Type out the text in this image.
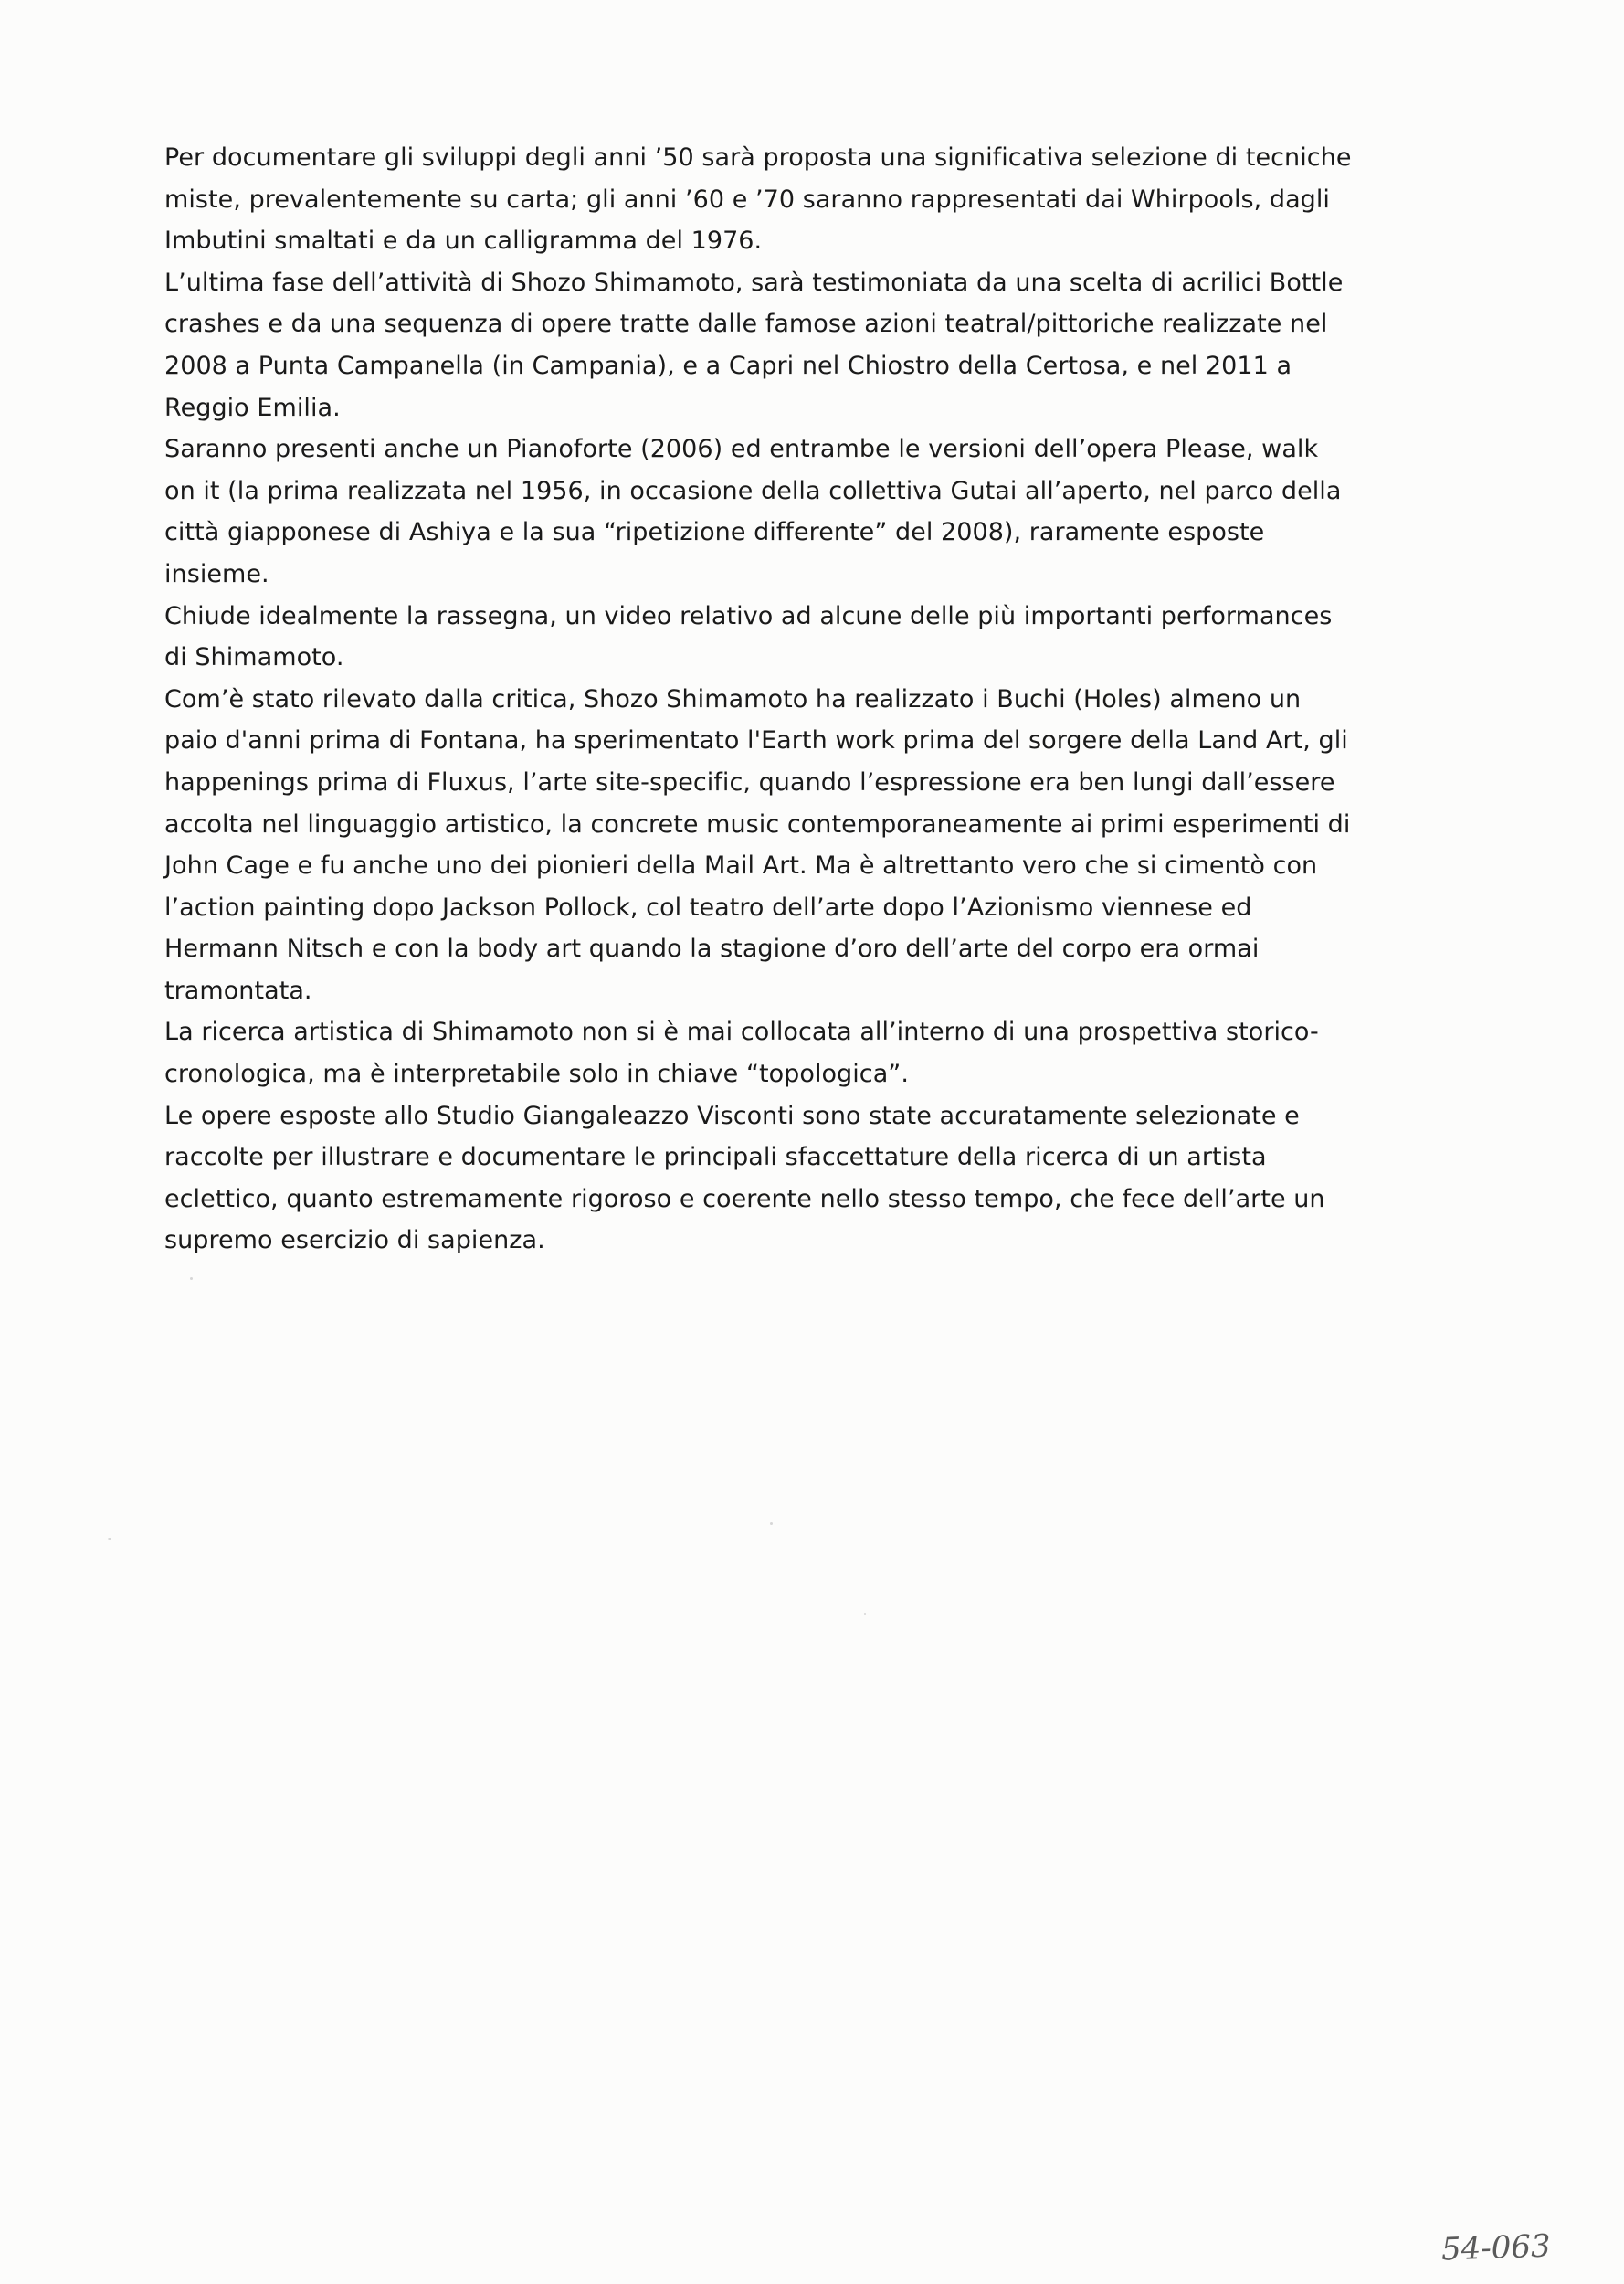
Per documentare gli sviluppi degli anni ’50 sarà proposta una significativa selezione di tecniche
miste, prevalentemente su carta; gli anni ’60 e ’70 saranno rappresentati dai Whirpools, dagli
Imbutini smaltati e da un calligramma del 1976.
L’ultima fase dell’attività di Shozo Shimamoto, sarà testimoniata da una scelta di acrilici Bottle
crashes e da una sequenza di opere tratte dalle famose azioni teatral/pittoriche realizzate nel
2008 a Punta Campanella (in Campania), e a Capri nel Chiostro della Certosa, e nel 2011 a
Reggio Emilia.
Saranno presenti anche un Pianoforte (2006) ed entrambe le versioni dell’opera Please, walk
on it (la prima realizzata nel 1956, in occasione della collettiva Gutai all’aperto, nel parco della
città giapponese di Ashiya e la sua “ripetizione differente” del 2008), raramente esposte
insieme.
Chiude idealmente la rassegna, un video relativo ad alcune delle più importanti performances
di Shimamoto.
Com’è stato rilevato dalla critica, Shozo Shimamoto ha realizzato i Buchi (Holes) almeno un
paio d'anni prima di Fontana, ha sperimentato l'Earth work prima del sorgere della Land Art, gli
happenings prima di Fluxus, l’arte site-specific, quando l’espressione era ben lungi dall’essere
accolta nel linguaggio artistico, la concrete music contemporaneamente ai primi esperimenti di
John Cage e fu anche uno dei pionieri della Mail Art. Ma è altrettanto vero che si cimentò con
l’action painting dopo Jackson Pollock, col teatro dell’arte dopo l’Azionismo viennese ed
Hermann Nitsch e con la body art quando la stagione d’oro dell’arte del corpo era ormai
tramontata.
La ricerca artistica di Shimamoto non si è mai collocata all’interno di una prospettiva storico-
cronologica, ma è interpretabile solo in chiave “topologica”.
Le opere esposte allo Studio Giangaleazzo Visconti sono state accuratamente selezionate e
raccolte per illustrare e documentare le principali sfaccettature della ricerca di un artista
eclettico, quanto estremamente rigoroso e coerente nello stesso tempo, che fece dell’arte un
supremo esercizio di sapienza.
54-063
